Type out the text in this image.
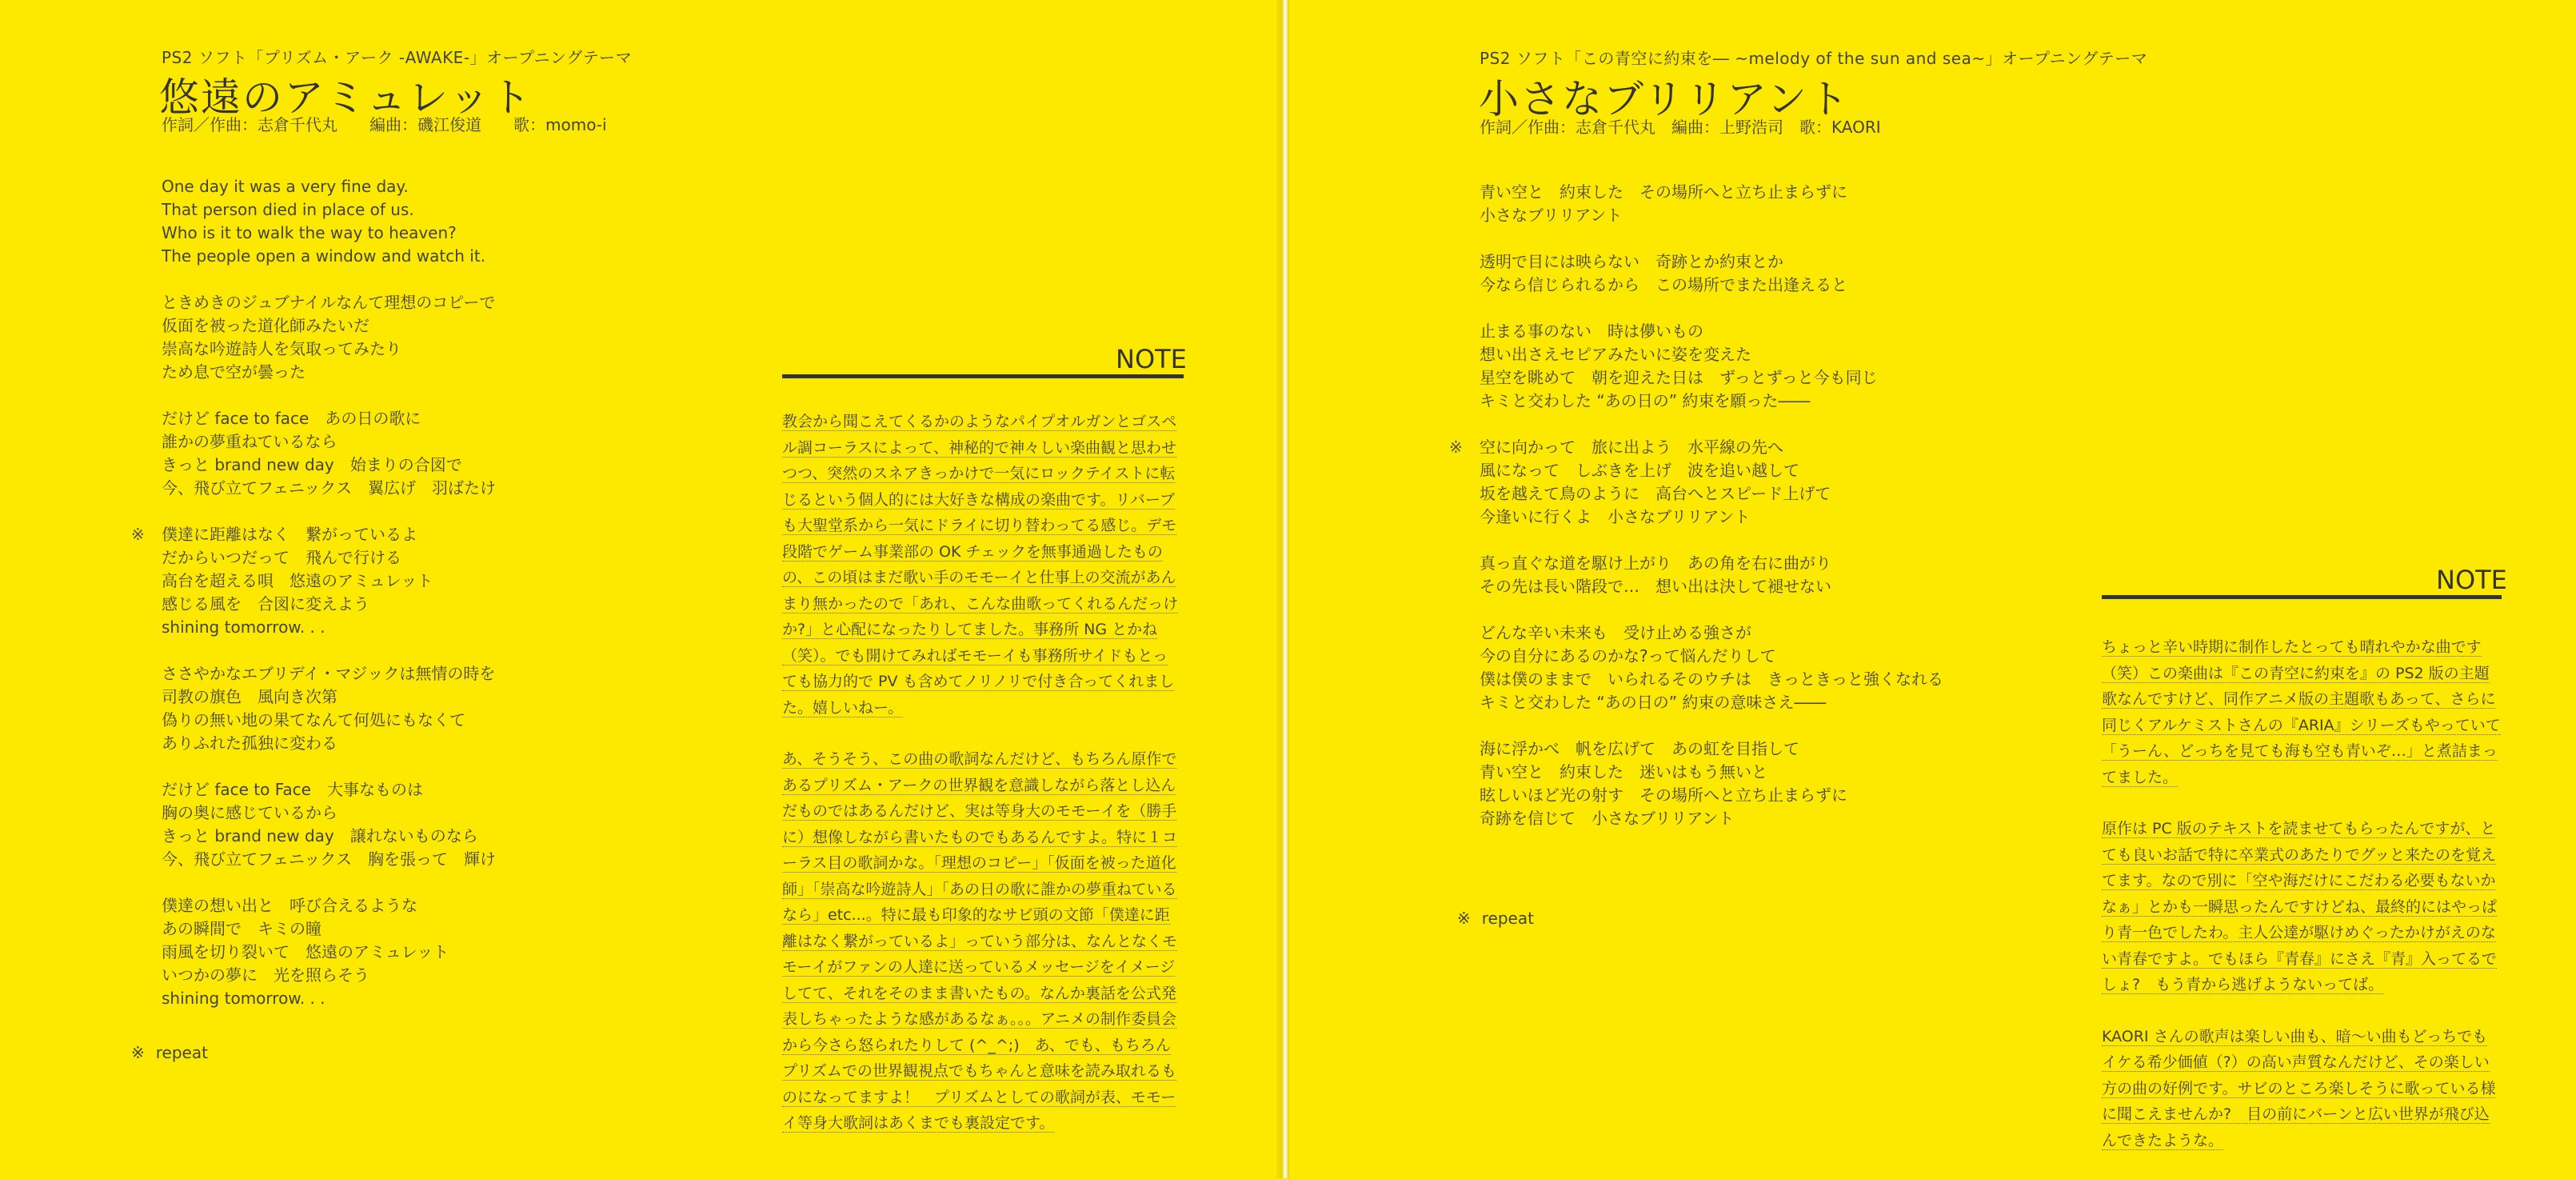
PS2 ソフト「プリズム・アーク -AWAKE-」オープニングテーマ
悠遠のアミュレット
作詞／作曲：志倉千代丸　　編曲：磯江俊道　　歌：momo-i
One day it was a very fine day.
That person died in place of us.
Who is it to walk the way to heaven?
The people open a window and watch it.
ときめきのジュブナイルなんて理想のコピーで
仮面を被った道化師みたいだ
崇高な吟遊詩人を気取ってみたり
ため息で空が曇った
だけど face to face　あの日の歌に
誰かの夢重ねているなら
きっと brand new day　始まりの合図で
今、飛び立てフェニックス　翼広げ　羽ばたけ
※ 僕達に距離はなく　繋がっているよ
だからいつだって　飛んで行ける
高台を超える唄　悠遠のアミュレット
感じる風を　合図に変えよう
shining tomorrow. . .
ささやかなエブリデイ・マジックは無情の時を
司教の旗色　風向き次第
偽りの無い地の果てなんて何処にもなくて
ありふれた孤独に変わる
だけど face to Face　大事なものは
胸の奥に感じているから
きっと brand new day　譲れないものなら
今、飛び立てフェニックス　胸を張って　輝け
僕達の想い出と　呼び合えるような
あの瞬間で　キミの瞳
雨風を切り裂いて　悠遠のアミュレット
いつかの夢に　光を照らそう
shining tomorrow. . .
※ repeat
NOTE

教会から聞こえてくるかのようなパイプオルガンとゴスペル調コーラスによって、神秘的で神々しい楽曲観と思わせつつ、突然のスネアきっかけで一気にロックテイストに転じるという個人的には大好きな構成の楽曲です。リバーブも大聖堂系から一気にドライに切り替わってる感じ。デモ段階でゲーム事業部の OK チェックを無事通過したものの、この頃はまだ歌い手のモモーイと仕事上の交流があんまり無かったので「あれ、こんな曲歌ってくれるんだっけか?」と心配になったりしてました。事務所 NG とかね（笑）。でも開けてみればモモーイも事務所サイドもとっても協力的で PV も含めてノリノリで付き合ってくれました。嬉しいねー。

あ、そうそう、この曲の歌詞なんだけど、もちろん原作であるプリズム・アークの世界観を意識しながら落とし込んだものではあるんだけど、実は等身大のモモーイを（勝手に）想像しながら書いたものでもあるんですよ。特に１コーラス目の歌詞かな。「理想のコピー」「仮面を被った道化師」「崇高な吟遊詩人」「あの日の歌に誰かの夢重ねているなら」etc...。特に最も印象的なサビ頭の文節「僕達に距離はなく繋がっているよ」っていう部分は、なんとなくモモーイがファンの人達に送っているメッセージをイメージしてて、それをそのまま書いたもの。なんか裏話を公式発表しちゃったような感があるなぁ。。。アニメの制作委員会から今さら怒られたりして (^_^;)　あ、でも、もちろんプリズムでの世界観視点でもちゃんと意味を読み取れるものになってますよ！　プリズムとしての歌詞が表、モモーイ等身大歌詞はあくまでも裏設定です。

PS2 ソフト「この青空に約束を― ~melody of the sun and sea~」オープニングテーマ
小さなブリリアント
作詞／作曲：志倉千代丸　編曲：上野浩司　歌：KAORI
青い空と　約束した　その場所へと立ち止まらずに
小さなブリリアント
透明で目には映らない　奇跡とか約束とか
今なら信じられるから　この場所でまた出逢えると
止まる事のない　時は儚いもの
想い出さえセピアみたいに姿を変えた
星空を眺めて　朝を迎えた日は　ずっとずっと今も同じ
キミと交わした “あの日の” 約束を願った――
※ 空に向かって　旅に出よう　水平線の先へ
風になって　しぶきを上げ　波を追い越して
坂を越えて鳥のように　高台へとスピード上げて
今逢いに行くよ　小さなブリリアント
真っ直ぐな道を駆け上がり　あの角を右に曲がり
その先は長い階段で…　想い出は決して褪せない
どんな辛い未来も　受け止める強さが
今の自分にあるのかな?って悩んだりして
僕は僕のままで　いられるそのウチは　きっときっと強くなれる
キミと交わした “あの日の” 約束の意味さえ――
海に浮かべ　帆を広げて　あの虹を目指して
青い空と　約束した　迷いはもう無いと
眩しいほど光の射す　その場所へと立ち止まらずに
奇跡を信じて　小さなブリリアント
※ repeat
NOTE

ちょっと辛い時期に制作したとっても晴れやかな曲です（笑）この楽曲は『この青空に約束を』の PS2 版の主題歌なんですけど、同作アニメ版の主題歌もあって、さらに同じくアルケミストさんの『ARIA』シリーズもやっていて「うーん、どっちを見ても海も空も青いぞ…」と煮詰まってました。

原作は PC 版のテキストを読ませてもらったんですが、とても良いお話で特に卒業式のあたりでグッと来たのを覚えてます。なので別に「空や海だけにこだわる必要もないかなぁ」とかも一瞬思ったんですけどね、最終的にはやっぱり青一色でしたわ。主人公達が駆けめぐったかけがえのない青春ですよ。でもほら『青春』にさえ『青』入ってるでしょ?　もう青から逃げようないってば。

KAORI さんの歌声は楽しい曲も、暗～い曲もどっちでもイケる希少価値（?）の高い声質なんだけど、その楽しい方の曲の好例です。サビのところ楽しそうに歌っている様に聞こえませんか?　目の前にバーンと広い世界が飛び込んできたような。
